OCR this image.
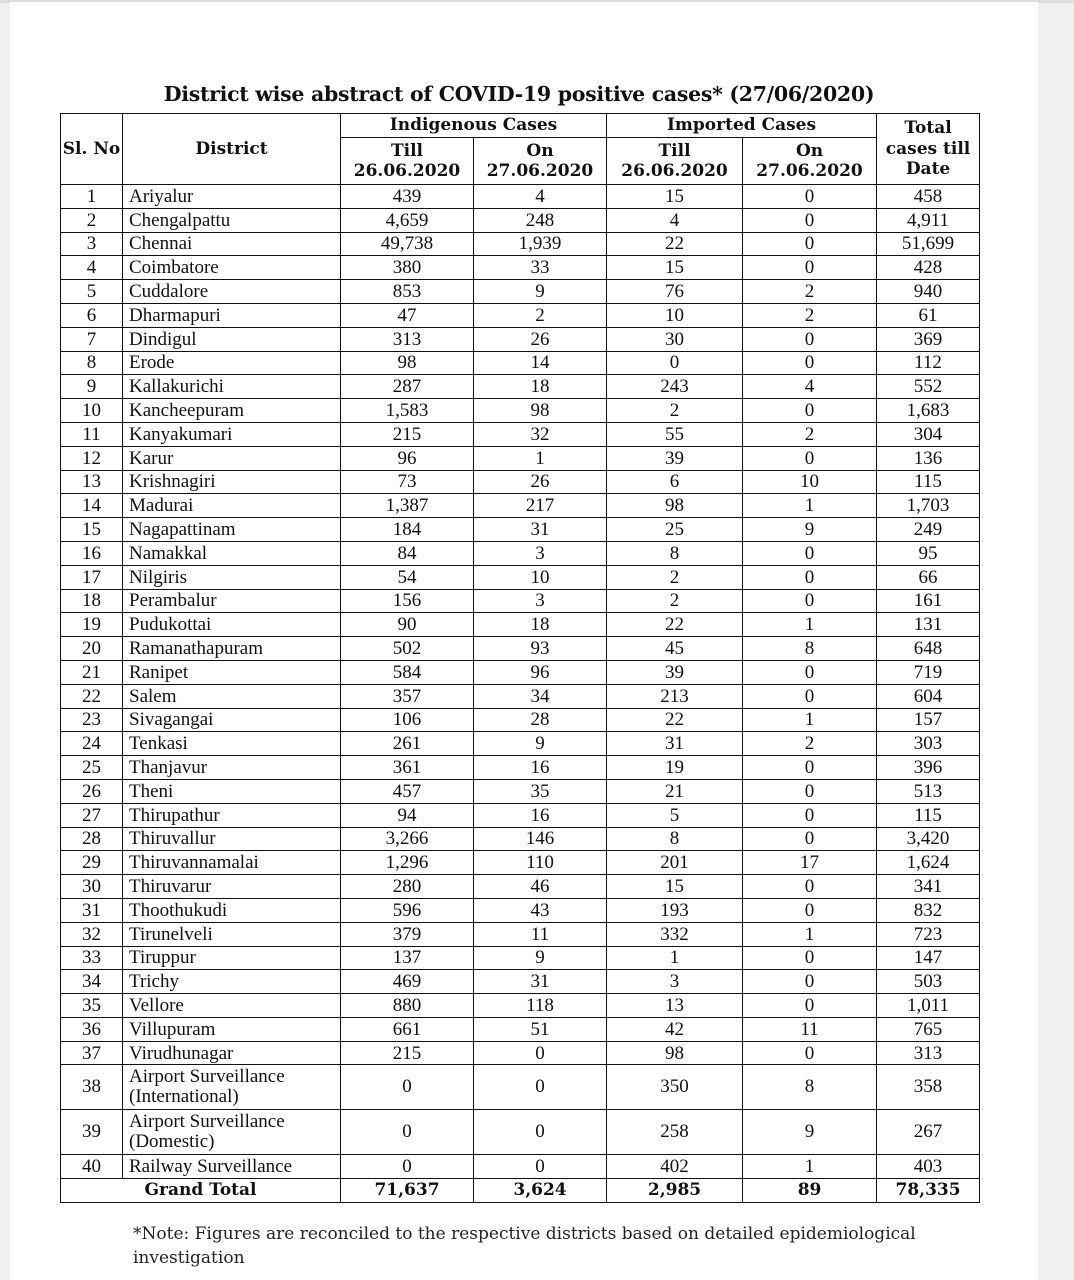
District wise abstract of COVID-19 positive cases* (27/06/2020)
Sl. No	District	Indigenous Cases		Imported Cases		Total cases till Date
		Till 26.06.2020	On 27.06.2020	Till 26.06.2020	On 27.06.2020	
1	Ariyalur	439	4	15	0	458
2	Chengalpattu	4,659	248	4	0	4,911
3	Chennai	49,738	1,939	22	0	51,699
4	Coimbatore	380	33	15	0	428
5	Cuddalore	853	9	76	2	940
6	Dharmapuri	47	2	10	2	61
7	Dindigul	313	26	30	0	369
8	Erode	98	14	0	0	112
9	Kallakurichi	287	18	243	4	552
10	Kancheepuram	1,583	98	2	0	1,683
11	Kanyakumari	215	32	55	2	304
12	Karur	96	1	39	0	136
13	Krishnagiri	73	26	6	10	115
14	Madurai	1,387	217	98	1	1,703
15	Nagapattinam	184	31	25	9	249
16	Namakkal	84	3	8	0	95
17	Nilgiris	54	10	2	0	66
18	Perambalur	156	3	2	0	161
19	Pudukottai	90	18	22	1	131
20	Ramanathapuram	502	93	45	8	648
21	Ranipet	584	96	39	0	719
22	Salem	357	34	213	0	604
23	Sivagangai	106	28	22	1	157
24	Tenkasi	261	9	31	2	303
25	Thanjavur	361	16	19	0	396
26	Theni	457	35	21	0	513
27	Thirupathur	94	16	5	0	115
28	Thiruvallur	3,266	146	8	0	3,420
29	Thiruvannamalai	1,296	110	201	17	1,624
30	Thiruvarur	280	46	15	0	341
31	Thoothukudi	596	43	193	0	832
32	Tirunelveli	379	11	332	1	723
33	Tiruppur	137	9	1	0	147
34	Trichy	469	31	3	0	503
35	Vellore	880	118	13	0	1,011
36	Villupuram	661	51	42	11	765
37	Virudhunagar	215	0	98	0	313
38	Airport Surveillance (International)	0	0	350	8	358
39	Airport Surveillance (Domestic)	0	0	258	9	267
40	Railway Surveillance	0	0	402	1	403
Grand Total		71,637	3,624	2,985	89	78,335
*Note: Figures are reconciled to the respective districts based on detailed epidemiological investigation
